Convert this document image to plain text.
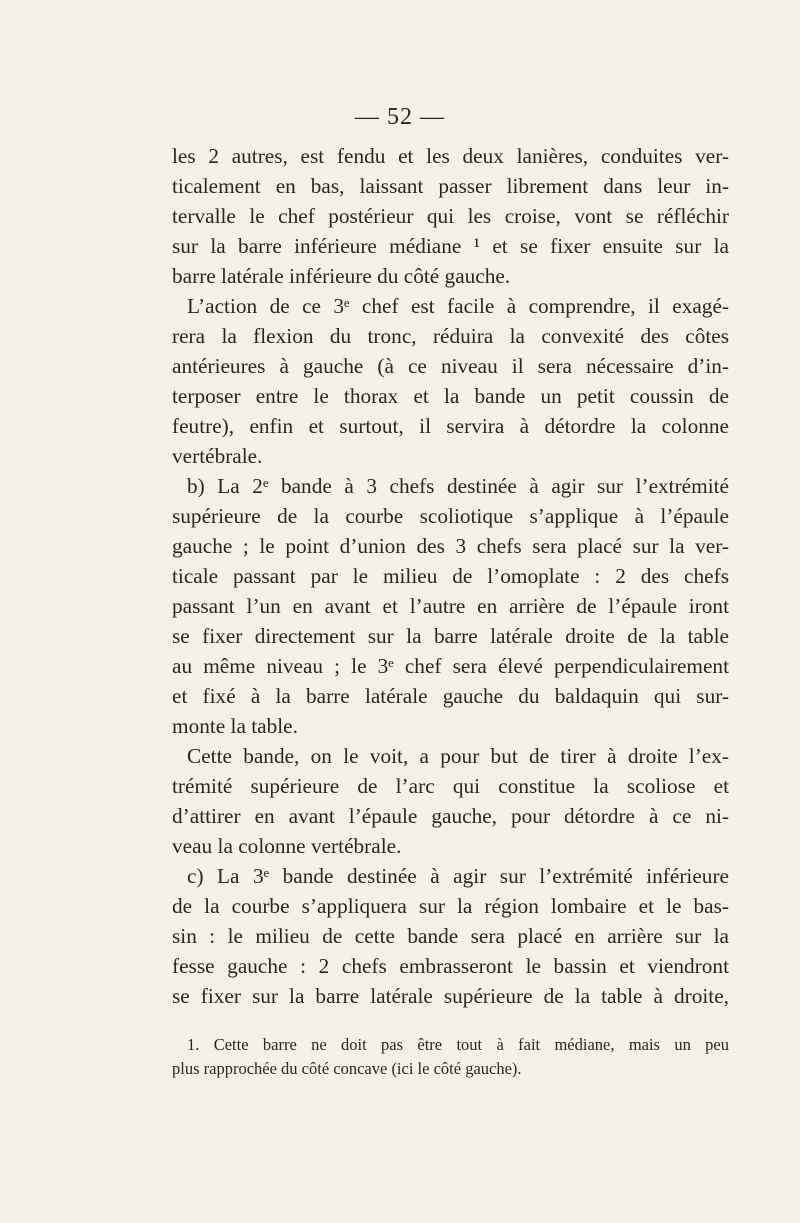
— 52 —
les 2 autres, est fendu et les deux lanières, conduites ver-
ticalement en bas, laissant passer librement dans leur in-
tervalle le chef postérieur qui les croise, vont se réfléchir
sur la barre inférieure médiane ¹ et se fixer ensuite sur la
barre latérale inférieure du côté gauche.
L’action de ce 3ᵉ chef est facile à comprendre, il exagé-
rera la flexion du tronc, réduira la convexité des côtes
antérieures à gauche (à ce niveau il sera nécessaire d’in-
terposer entre le thorax et la bande un petit coussin de
feutre), enfin et surtout, il servira à détordre la colonne
vertébrale.
b) La 2ᵉ bande à 3 chefs destinée à agir sur l’extrémité
supérieure de la courbe scoliotique s’appliquе à l’épaule
gauche ; le point d’union des 3 chefs sera placé sur la ver-
ticale passant par le milieu de l’omoplate : 2 des chefs
passant l’un en avant et l’autre en arrière de l’épaule iront
se fixer directement sur la barre latérale droite de la table
au même niveau ; le 3ᵉ chef sera élevé perpendiculairement
et fixé à la barre latérale gauche du baldaquin qui sur-
monte la table.
Cette bande, on le voit, a pour but de tirer à droite l’ex-
trémité supérieure de l’arc qui constitue la scoliose et
d’attirer en avant l’épaule gauche, pour détordre à ce ni-
veau la colonne vertébrale.
c) La 3ᵉ bande destinée à agir sur l’extrémité inférieure
de la courbe s’appliquera sur la région lombaire et le bas-
sin : le milieu de cette bande sera placé en arrière sur la
fesse gauche : 2 chefs embrasseront le bassin et viendront
se fixer sur la barre latérale supérieure de la table à droite,
1. Cette barre ne doit pas être tout à fait médiane, mais un peu
plus rapprochée du côté concave (ici le côté gauche).
